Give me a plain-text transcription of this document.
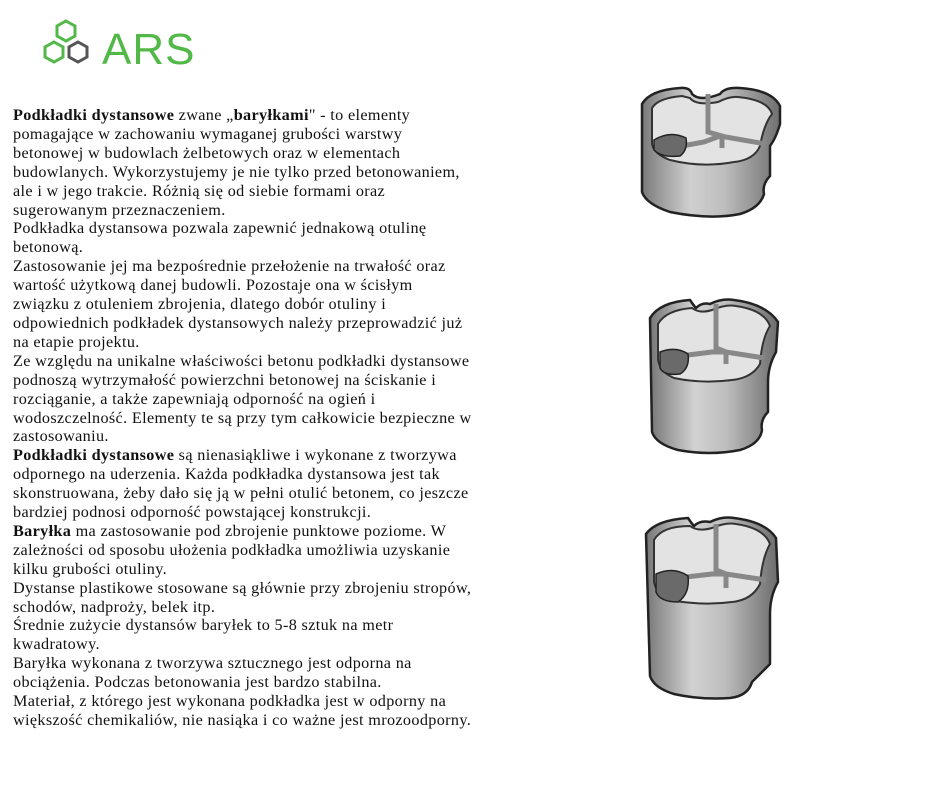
ARS

Podkładki dystansowe zwane „baryłkami" - to elementy pomagające w zachowaniu wymaganej grubości warstwy betonowej w budowlach żelbetowych oraz w elementach budowlanych. Wykorzystujemy je nie tylko przed betonowaniem, ale i w jego trakcie. Różnią się od siebie formami oraz sugerowanym przeznaczeniem.

Podkładka dystansowa pozwala zapewnić jednakową otulinę betonową.

Zastosowanie jej ma bezpośrednie przełożenie na trwałość oraz wartość użytkową danej budowli. Pozostaje ona w ścisłym związku z otuleniem zbrojenia, dlatego dobór otuliny i odpowiednich podkładek dystansowych należy przeprowadzić już na etapie projektu.

Ze względu na unikalne właściwości betonu podkładki dystansowe podnoszą wytrzymałość powierzchni betonowej na ściskanie i rozciąganie, a także zapewniają odporność na ogień i wodoszczelność. Elementy te są przy tym całkowicie bezpieczne w zastosowaniu.

Podkładki dystansowe są nienasiąkliwe i wykonane z tworzywa odpornego na uderzenia. Każda podkładka dystansowa jest tak skonstruowana, żeby dało się ją w pełni otulić betonem, co jeszcze bardziej podnosi odporność powstającej konstrukcji.

Baryłka ma zastosowanie pod zbrojenie punktowe poziome. W zależności od sposobu ułożenia podkładka umożliwia uzyskanie kilku grubości otuliny.

Dystanse plastikowe stosowane są głównie przy zbrojeniu stropów, schodów, nadproży, belek itp.

Średnie zużycie dystansów baryłek to 5-8 sztuk na metr kwadratowy.

Baryłka wykonana z tworzywa sztucznego jest odporna na obciążenia. Podczas betonowania jest bardzo stabilna.

Materiał, z którego jest wykonana podkładka jest w odporny na większość chemikaliów, nie nasiąka i co ważne jest mrozoodporny.
